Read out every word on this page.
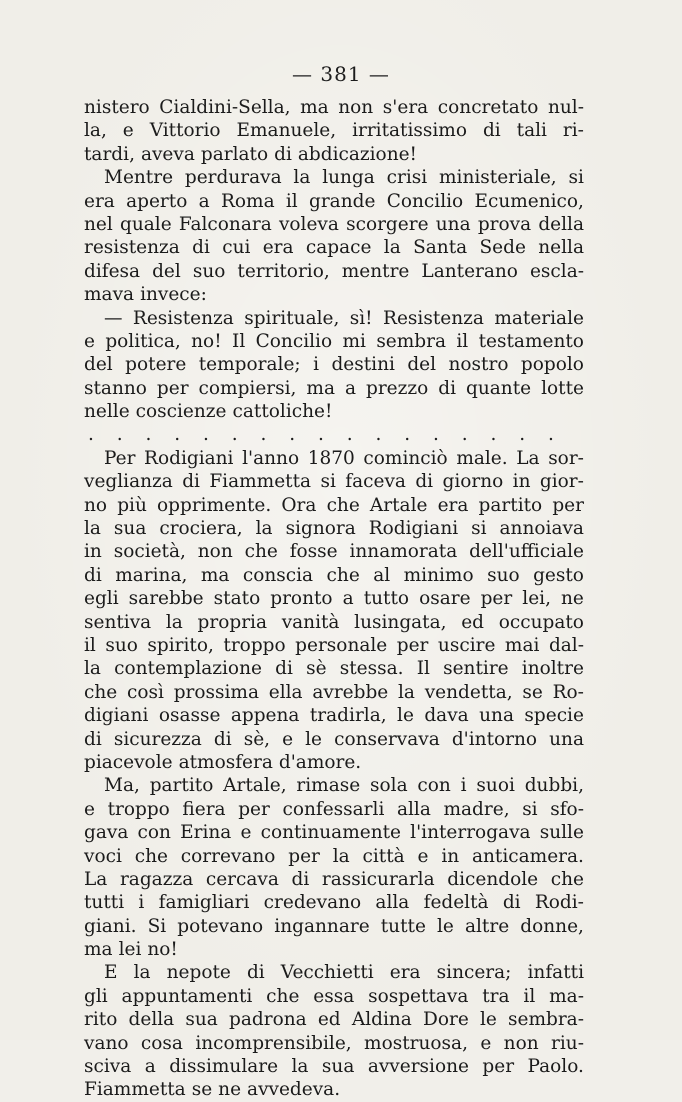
— 381 —
nistero Cialdini-Sella, ma non s'era concretato nul-
la, e Vittorio Emanuele, irritatissimo di tali ri-
tardi, aveva parlato di abdicazione!
Mentre perdurava la lunga crisi ministeriale, si
era aperto a Roma il grande Concilio Ecumenico,
nel quale Falconara voleva scorgere una prova della
resistenza di cui era capace la Santa Sede nella
difesa del suo territorio, mentre Lanterano escla-
mava invece:
— Resistenza spirituale, sì! Resistenza materiale
e politica, no! Il Concilio mi sembra il testamento
del potere temporale; i destini del nostro popolo
stanno per compiersi, ma a prezzo di quante lotte
nelle coscienze cattoliche!
. . . . . . . . . . . . . . . . .
Per Rodigiani l'anno 1870 cominciò male. La sor-
veglianza di Fiammetta si faceva di giorno in gior-
no più opprimente. Ora che Artale era partito per
la sua crociera, la signora Rodigiani si annoiava
in società, non che fosse innamorata dell'ufficiale
di marina, ma conscia che al minimo suo gesto
egli sarebbe stato pronto a tutto osare per lei, ne
sentiva la propria vanità lusingata, ed occupato
il suo spirito, troppo personale per uscire mai dal-
la contemplazione di sè stessa. Il sentire inoltre
che così prossima ella avrebbe la vendetta, se Ro-
digiani osasse appena tradirla, le dava una specie
di sicurezza di sè, e le conservava d'intorno una
piacevole atmosfera d'amore.
Ma, partito Artale, rimase sola con i suoi dubbi,
e troppo fiera per confessarli alla madre, si sfo-
gava con Erina e continuamente l'interrogava sulle
voci che correvano per la città e in anticamera.
La ragazza cercava di rassicurarla dicendole che
tutti i famigliari credevano alla fedeltà di Rodi-
giani. Si potevano ingannare tutte le altre donne,
ma lei no!
E la nepote di Vecchietti era sincera; infatti
gli appuntamenti che essa sospettava tra il ma-
rito della sua padrona ed Aldina Dore le sembra-
vano cosa incomprensibile, mostruosa, e non riu-
sciva a dissimulare la sua avversione per Paolo.
Fiammetta se ne avvedeva.
